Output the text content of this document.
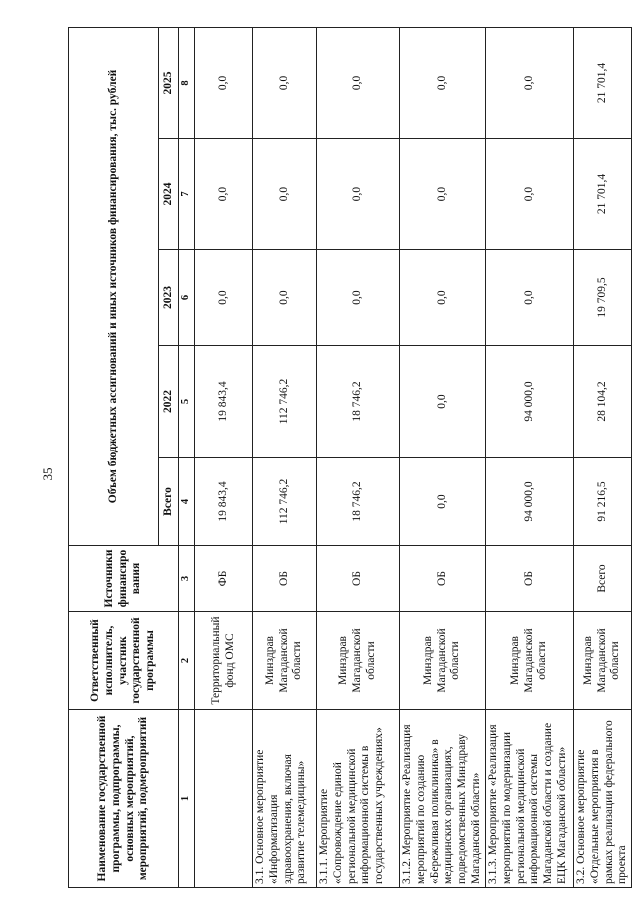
35
Наименование государственной программы, подпрограммы, основных мероприятий, мероприятий, подмероприятий	Ответственный исполнитель, участник государственной программы	Источники финансиро вания	Объем бюджетных ассигнований и иных источников финансирования, тыс. рублей				
			Всего	2022	2023	2024	2025
1	2	3	4	5	6	7	8
	Территориальный фонд ОМС	ФБ	19 843,4	19 843,4	0,0	0,0	0,0
3.1. Основное мероприятие «Информатизация здравоохранения, включая развитие телемедицины»	Минздрав Магаданской области	ОБ	112 746,2	112 746,2	0,0	0,0	0,0
3.1.1. Мероприятие «Сопровождение единой региональной медицинской информационной системы в государственных учреждениях»	Минздрав Магаданской области	ОБ	18 746,2	18 746,2	0,0	0,0	0,0
3.1.2. Мероприятие «Реализация мероприятий по созданию «Бережливая поликлиника» в медицинских организациях, подведомственных Минздраву Магаданской области»	Минздрав Магаданской области	ОБ	0,0	0,0	0,0	0,0	0,0
3.1.3. Мероприятие «Реализация мероприятий по модернизации региональной медицинской информационной системы Магаданской области и создание ЕЦК Магаданской области»	Минздрав Магаданской области	ОБ	94 000,0	94 000,0	0,0	0,0	0,0
3.2. Основное мероприятие «Отдельные мероприятия в рамках реализации федерального проекта	Минздрав Магаданской области	Всего	91 216,5	28 104,2	19 709,5	21 701,4	21 701,4
